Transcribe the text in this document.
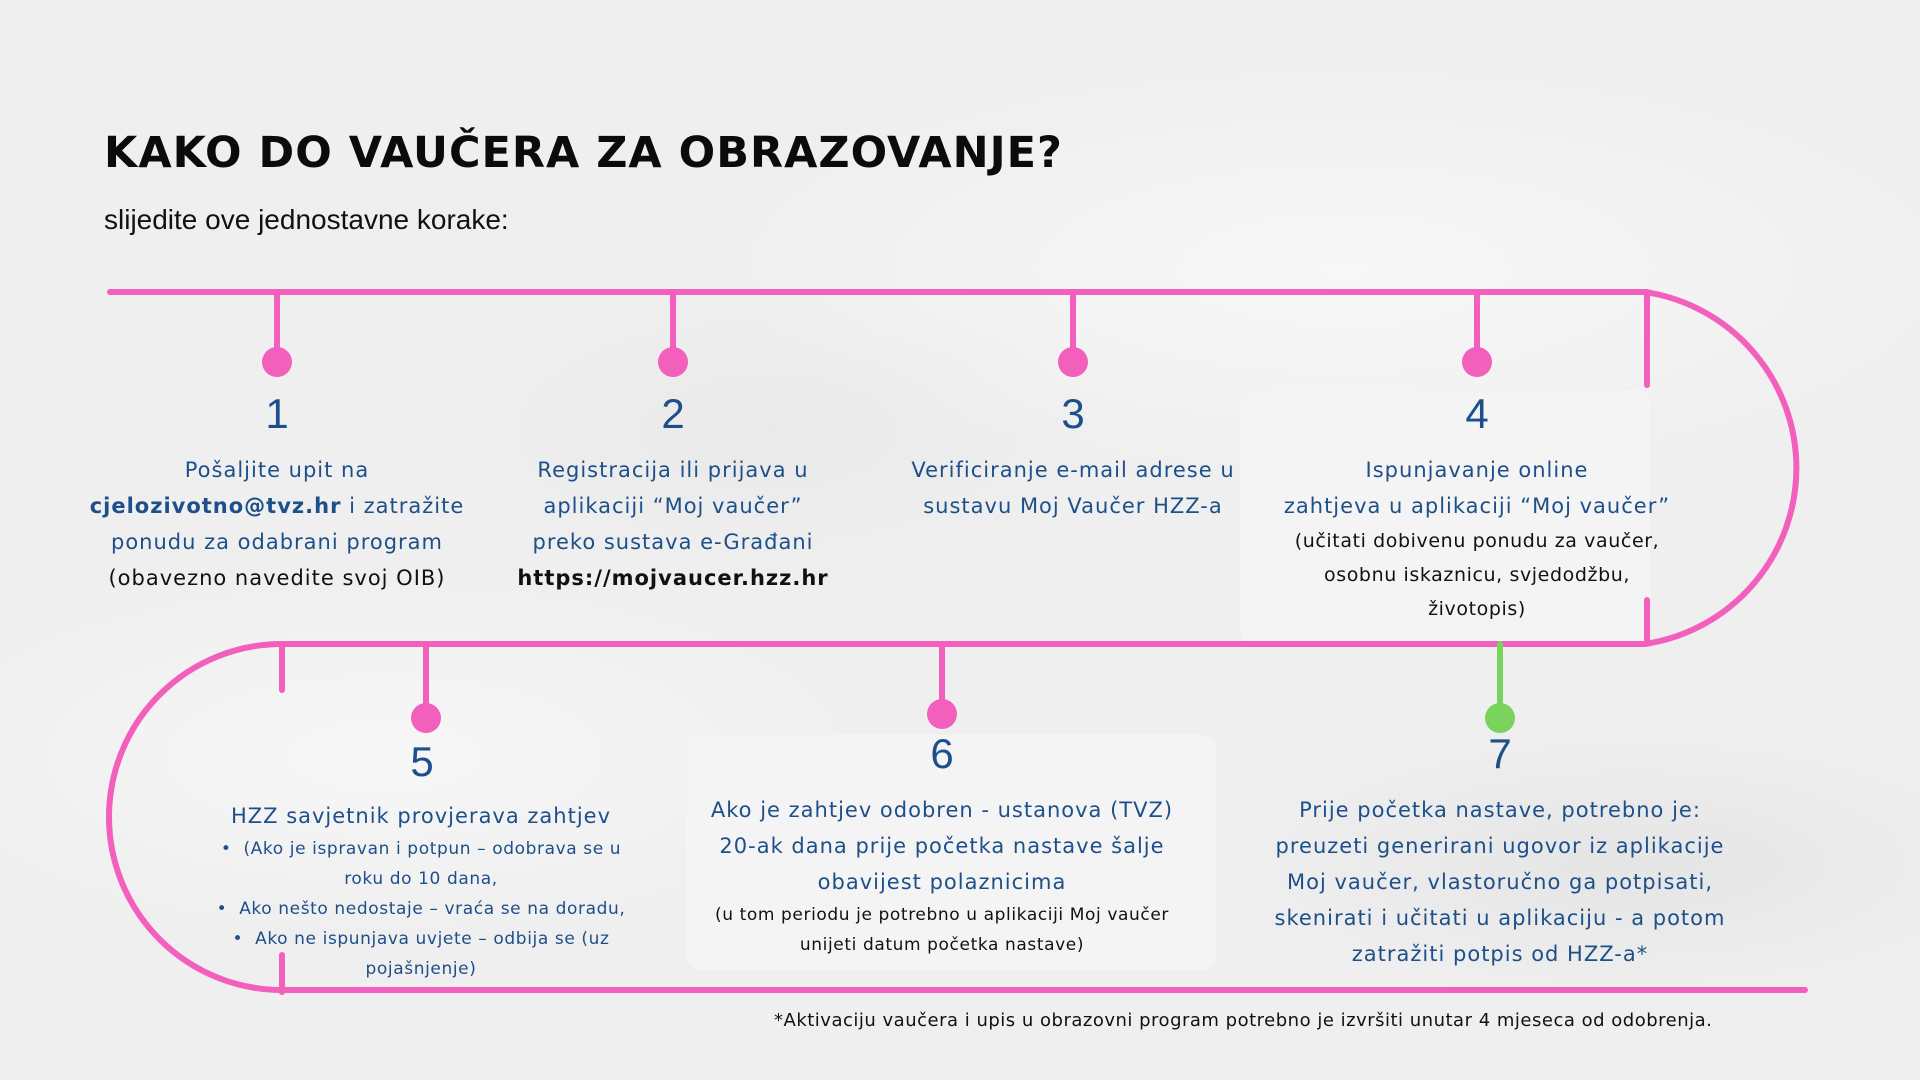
KAKO DO VAUČERA ZA OBRAZOVANJE?

slijedite ove jednostavne korake:

1
Pošaljite upit na
cjelozivotno@tvz.hr i zatražite
ponudu za odabrani program
(obavezno navedite svoj OIB)
2
Registracija ili prijava u
aplikaciji “Moj vaučer”
preko sustava e-Građani
https://mojvaucer.hzz.hr
3
Verificiranje e-mail adrese u
sustavu Moj Vaučer HZZ-a
4
Ispunjavanje online
zahtjeva u aplikaciji “Moj vaučer”
(učitati dobivenu ponudu za vaučer,
osobnu iskaznicu, svjedodžbu,
životopis)
5
HZZ savjetnik provjerava zahtjev
•  (Ako je ispravan i potpun – odobrava se u
roku do 10 dana,
•  Ako nešto nedostaje – vraća se na doradu,
•  Ako ne ispunjava uvjete – odbija se (uz
pojašnjenje)
6
Ako je zahtjev odobren - ustanova (TVZ)
20-ak dana prije početka nastave šalje
obavijest polaznicima
(u tom periodu je potrebno u aplikaciji Moj vaučer
unijeti datum početka nastave)
7
Prije početka nastave, potrebno je:
preuzeti generirani ugovor iz aplikacije
Moj vaučer, vlastoručno ga potpisati,
skenirati i učitati u aplikaciju - a potom
zatražiti potpis od HZZ-a*

*Aktivaciju vaučera i upis u obrazovni program potrebno je izvršiti unutar 4 mjeseca od odobrenja.
